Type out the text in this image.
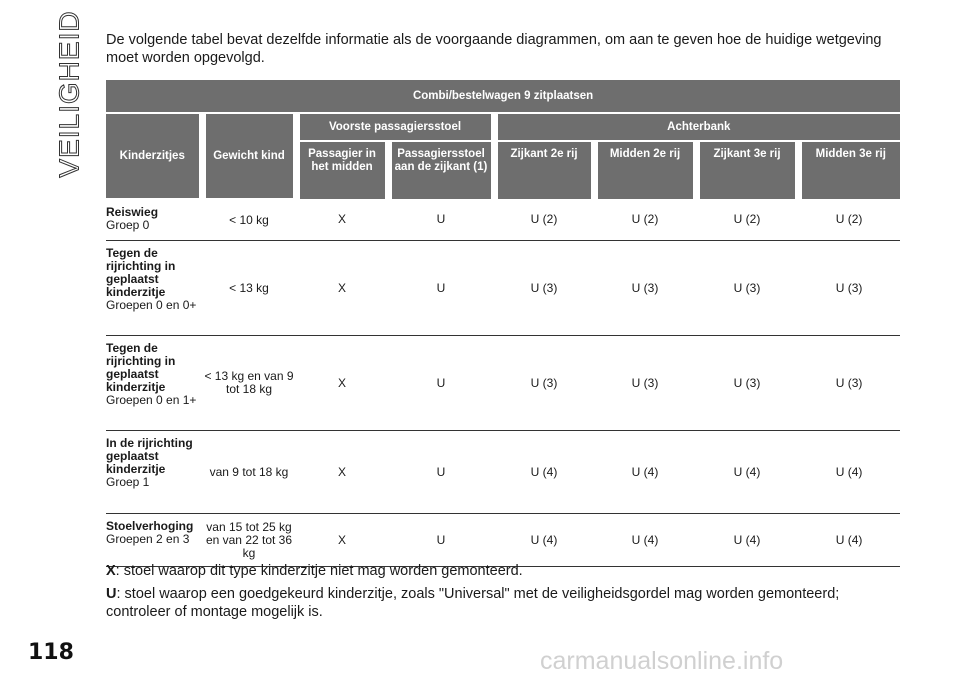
VEILIGHEID De volgende tabel bevat dezelfde informatie als de voorgaande diagrammen, om aan te geven hoe de huidige wetgeving moet worden opgevolgd.
Combi/bestelwagen 9 zitplaatsen							
Kinderzitjes	Gewicht kind	Voorste passagiersstoel		Achterbank			
		Passagier in het midden	Passagiersstoel aan de zijkant (1)	Zijkant 2e rij	Midden 2e rij	Zijkant 3e rij	Midden 3e rij

Reiswieg
Groep 0	< 10 kg	X	U	U (2)	U (2)	U (2)	U (2)

Tegen de rijrichting in geplaatst kinderzitje
Groepen 0 en 0+	< 13 kg	X	U	U (3)	U (3)	U (3)	U (3)

Tegen de rijrichting in geplaatst kinderzitje
Groepen 0 en 1+	< 13 kg en van 9 tot 18 kg	X	U	U (3)	U (3)	U (3)	U (3)

In de rijrichting geplaatst kinderzitje
Groep 1	van 9 tot 18 kg	X	U	U (4)	U (4)	U (4)	U (4)

Stoelverhoging
Groepen 2 en 3	van 15 tot 25 kg en van 22 tot 36 kg	X	U	U (4)	U (4)	U (4)	U (4)

X: stoel waarop dit type kinderzitje niet mag worden gemonteerd.

U: stoel waarop een goedgekeurd kinderzitje, zoals "Universal" met de veiligheidsgordel mag worden gemonteerd; controleer of montage mogelijk is.

118	carmanualsonline.info
